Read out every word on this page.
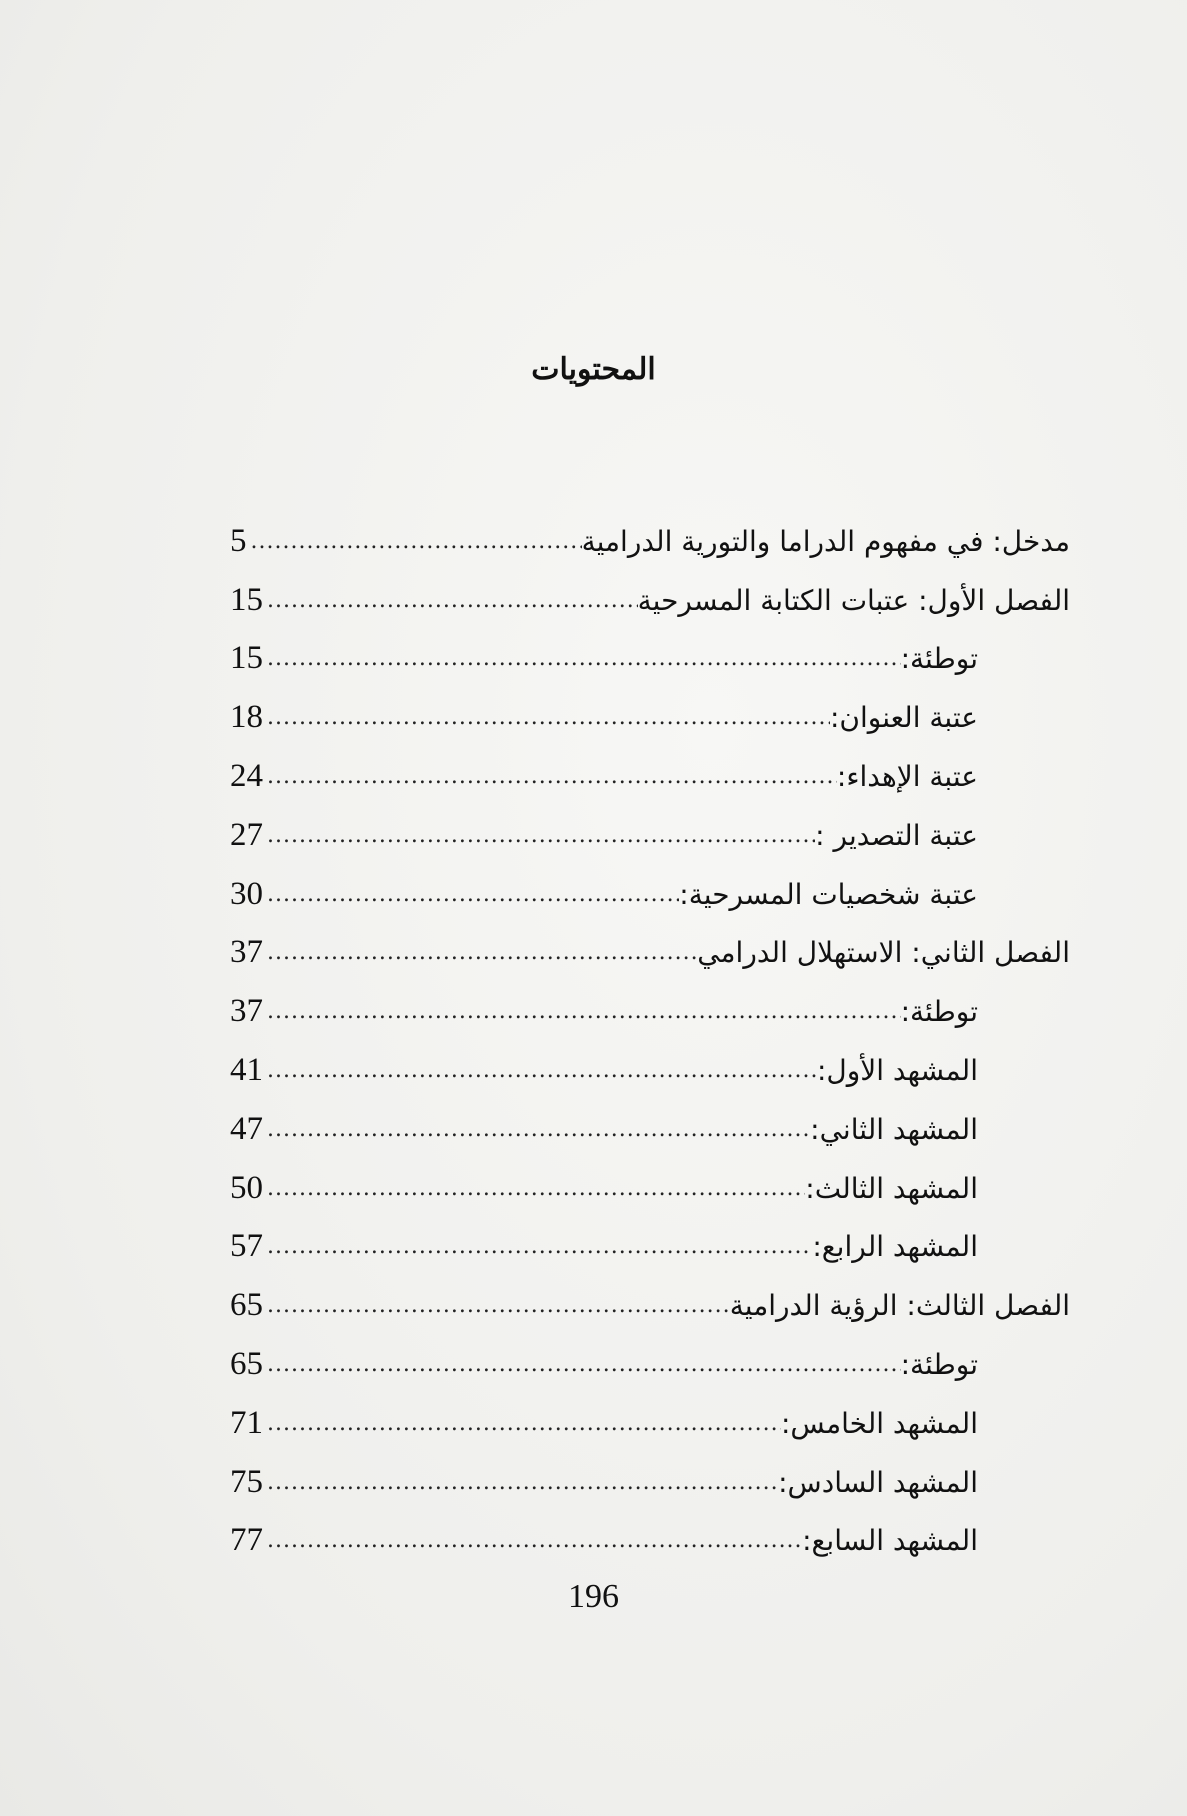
المحتويات
مدخل: في مفهوم الدراما والتورية الدرامية
.....
5
الفصل الأول: عتبات الكتابة المسرحية
.....
15
توطئة:
.....
15
عتبة العنوان:
.....
18
عتبة الإهداء:
.....
24
عتبة التصدير :
.....
27
عتبة شخصيات المسرحية:
.....
30
الفصل الثاني: الاستهلال الدرامي
.....
37
توطئة:
.....
37
المشهد الأول:
.....
41
المشهد الثاني:
.....
47
المشهد الثالث:
.....
50
المشهد الرابع:
.....
57
الفصل الثالث: الرؤية الدرامية
.....
65
توطئة:
.....
65
المشهد الخامس:
.....
71
المشهد السادس:
.....
75
المشهد السابع:
.....
77
196
